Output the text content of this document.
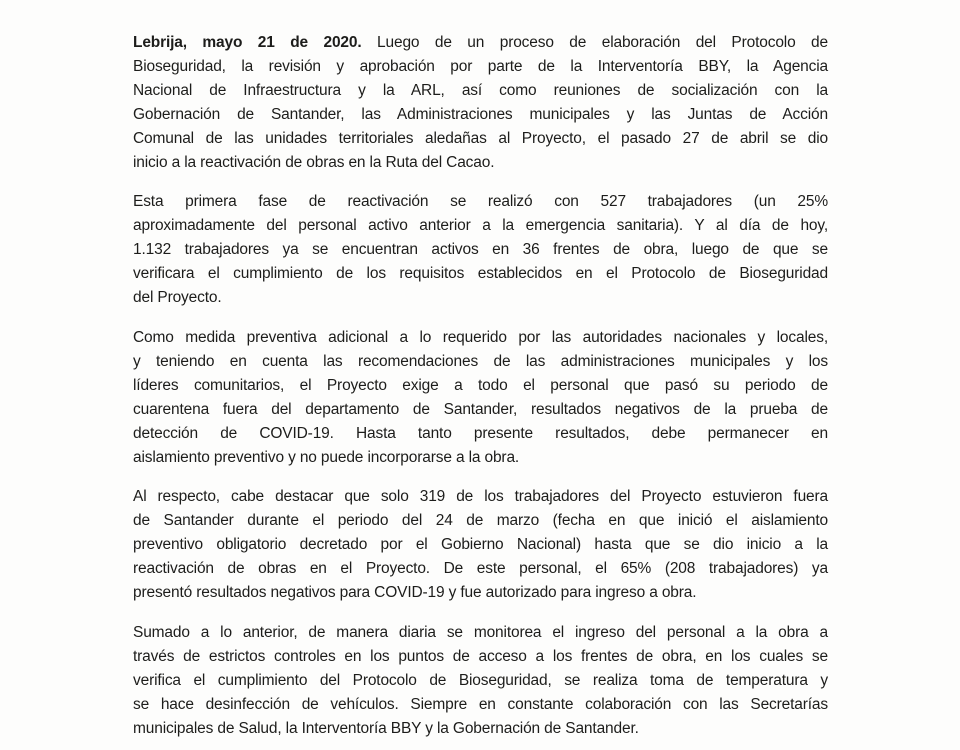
Lebrija, mayo 21 de 2020. Luego de un proceso de elaboración del Protocolo de
Bioseguridad, la revisión y aprobación por parte de la Interventoría BBY, la Agencia
Nacional de Infraestructura y la ARL, así como reuniones de socialización con la
Gobernación de Santander, las Administraciones municipales y las Juntas de Acción
Comunal de las unidades territoriales aledañas al Proyecto, el pasado 27 de abril se dio
inicio a la reactivación de obras en la Ruta del Cacao.
Esta primera fase de reactivación se realizó con 527 trabajadores (un 25%
aproximadamente del personal activo anterior a la emergencia sanitaria). Y al día de hoy,
1.132 trabajadores ya se encuentran activos en 36 frentes de obra, luego de que se
verificara el cumplimiento de los requisitos establecidos en el Protocolo de Bioseguridad
del Proyecto.
Como medida preventiva adicional a lo requerido por las autoridades nacionales y locales,
y teniendo en cuenta las recomendaciones de las administraciones municipales y los
líderes comunitarios, el Proyecto exige a todo el personal que pasó su periodo de
cuarentena fuera del departamento de Santander, resultados negativos de la prueba de
detección de COVID-19. Hasta tanto presente resultados, debe permanecer en
aislamiento preventivo y no puede incorporarse a la obra.
Al respecto, cabe destacar que solo 319 de los trabajadores del Proyecto estuvieron fuera
de Santander durante el periodo del 24 de marzo (fecha en que inició el aislamiento
preventivo obligatorio decretado por el Gobierno Nacional) hasta que se dio inicio a la
reactivación de obras en el Proyecto. De este personal, el 65% (208 trabajadores) ya
presentó resultados negativos para COVID-19 y fue autorizado para ingreso a obra.
Sumado a lo anterior, de manera diaria se monitorea el ingreso del personal a la obra a
través de estrictos controles en los puntos de acceso a los frentes de obra, en los cuales se
verifica el cumplimiento del Protocolo de Bioseguridad, se realiza toma de temperatura y
se hace desinfección de vehículos. Siempre en constante colaboración con las Secretarías
municipales de Salud, la Interventoría BBY y la Gobernación de Santander.
